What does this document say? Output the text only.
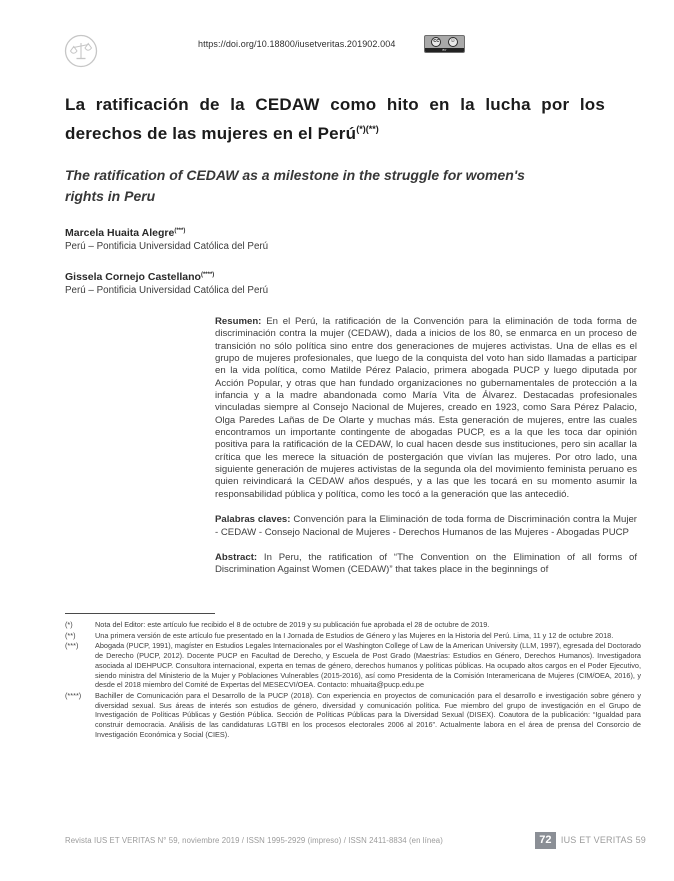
https://doi.org/10.18800/iusetveritas.201902.004	cc	☺
BY
La ratificación de la CEDAW como hito en la lucha por los derechos de las mujeres en el Perú(*)(**)
The ratification of CEDAW as a milestone in the struggle for women's rights in Peru
Marcela Huaita Alegre(***)
Perú – Pontificia Universidad Católica del Perú
Gissela Cornejo Castellano(****)
Perú – Pontificia Universidad Católica del Perú

Resumen: En el Perú, la ratificación de la Convención para la eliminación de toda forma de discriminación contra la mujer (CEDAW), dada a inicios de los 80, se enmarca en un proceso de transición no sólo política sino entre dos generaciones de mujeres activistas. Una de ellas es el grupo de mujeres profesionales, que luego de la conquista del voto han sido llamadas a participar en la vida política, como Matilde Pérez Palacio, primera abogada PUCP y luego diputada por Acción Popular, y otras que han fundado organizaciones no gubernamentales de protección a la infancia y a la madre abandonada como María Vita de Álvarez. Destacadas profesionales vinculadas siempre al Consejo Nacional de Mujeres, creado en 1923, como Sara Pérez Palacio, Olga Paredes Lañas de De Olarte y muchas más. Esta generación de mujeres, entre las cuales encontramos un importante contingente de abogadas PUCP, es a la que les toca dar opinión positiva para la ratificación de la CEDAW, lo cual hacen desde sus instituciones, pero sin acallar la crítica que les merece la situación de postergación que vivían las mujeres. Por otro lado, una siguiente generación de mujeres activistas de la segunda ola del movimiento feminista peruano es quien reivindicará la CEDAW años después, y a las que les tocará en su momento asumir la responsabilidad pública y política, como les tocó a la generación que las antecedió.

Palabras claves: Convención para la Eliminación de toda forma de Discriminación contra la Mujer - CEDAW - Consejo Nacional de Mujeres - Derechos Humanos de las Mujeres - Abogadas PUCP

Abstract: In Peru, the ratification of “The Convention on the Elimination of all forms of Discrimination Against Women (CEDAW)” that takes place in the beginnings of

(*)	Nota del Editor: este artículo fue recibido el 8 de octubre de 2019 y su publicación fue aprobada el 28 de octubre de 2019.
(**)	Una primera versión de este artículo fue presentado en la I Jornada de Estudios de Género y las Mujeres en la Historia del Perú. Lima, 11 y 12 de octubre 2018.
(***)	Abogada (PUCP, 1991), magíster en Estudios Legales Internacionales por el Washington College of Law de la American University (LLM, 1997), egresada del Doctorado de Derecho (PUCP, 2012). Docente PUCP en Facultad de Derecho, y Escuela de Post Grado (Maestrías: Estudios en Género, Derechos Humanos). Investigadora asociada al IDEHPUCP. Consultora internacional, experta en temas de género, derechos humanos y políticas públicas. Ha ocupado altos cargos en el Poder Ejecutivo, siendo ministra del Ministerio de la Mujer y Poblaciones Vulnerables (2015-2016), así como Presidenta de la Comisión Interamericana de Mujeres (CIM/OEA, 2016), y desde el 2018 miembro del Comité de Expertas del MESECVI/OEA. Contacto: mhuaita@pucp.edu.pe
(****)	Bachiller de Comunicación para el Desarrollo de la PUCP (2018). Con experiencia en proyectos de comunicación para el desarrollo e investigación sobre género y diversidad sexual. Sus áreas de interés son estudios de género, diversidad y comunicación política. Fue miembro del grupo de investigación en el Grupo de Investigación de Políticas Públicas y Gestión Pública. Sección de Políticas Públicas para la Diversidad Sexual (DISEX). Coautora de la publicación: “Igualdad para construir democracia. Análisis de las candidaturas LGTBI en los procesos electorales 2006 al 2016”. Actualmente labora en el área de prensa del Consorcio de Investigación Económica y Social (CIES).
Revista IUS ET VERITAS N° 59, noviembre 2019 / ISSN 1995-2929 (impreso) / ISSN 2411-8834 (en línea)	72	IUS ET VERITAS 59
